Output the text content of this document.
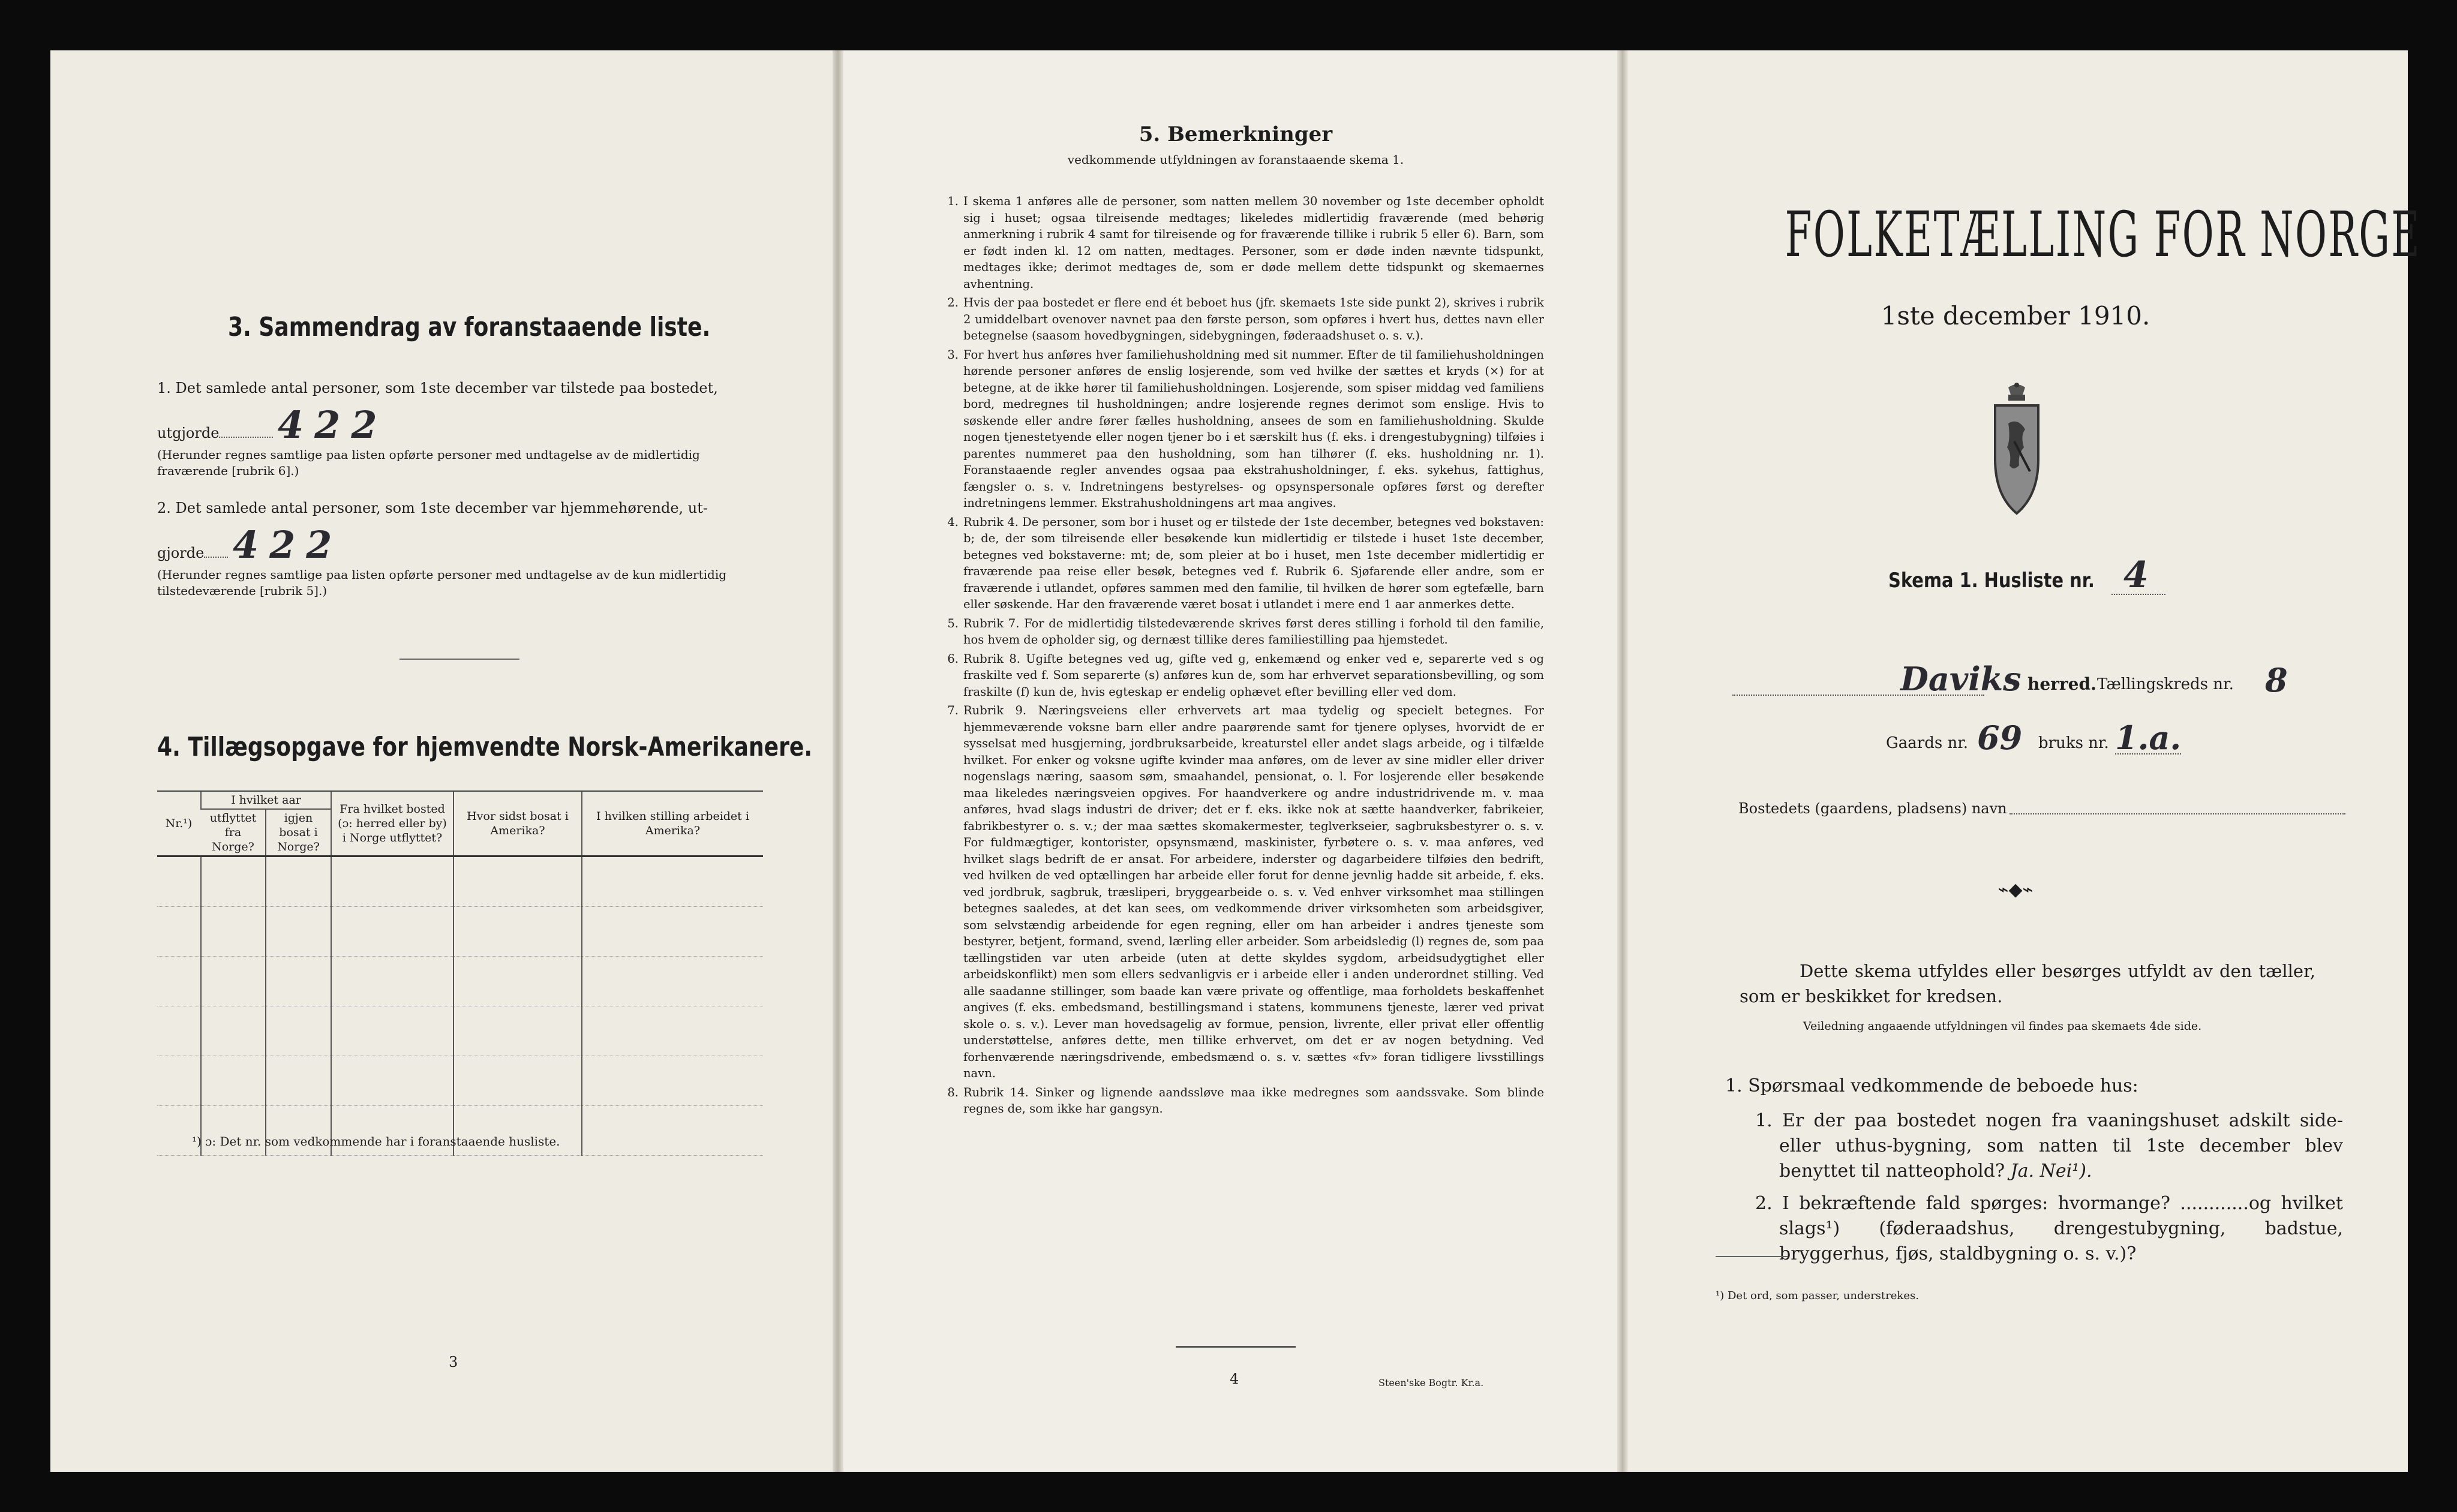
3. Sammendrag av foranstaaende liste.
1. Det samlede antal personer, som 1ste december var tilstede paa bostedet,
utgjorde 422
(Herunder regnes samtlige paa listen opførte personer med undtagelse av de midlertidig fraværende [rubrik 6].)
2. Det samlede antal personer, som 1ste december var hjemmehørende, ut-
gjorde 422
(Herunder regnes samtlige paa listen opførte personer med undtagelse av de kun midlertidig tilstedeværende [rubrik 5].)
4. Tillægsopgave for hjemvendte Norsk-Amerikanere.
Nr.¹)	I hvilket aar		Fra hvilket bosted (ɔ: herred eller by) i Norge utflyttet?	Hvor sidst bosat i Amerika?	I hvilken stilling arbeidet i Amerika?
	utflyttet fra Norge?	igjen bosat i Norge?			

¹) ɔ: Det nr. som vedkommende har i foranstaaende husliste.
3
5. Bemerkninger
vedkommende utfyldningen av foranstaaende skema 1.
1. I skema 1 anføres alle de personer, som natten mellem 30 november og 1ste december opholdt sig i huset; ogsaa tilreisende medtages; likeledes midlertidig fraværende (med behørig anmerkning i rubrik 4 samt for tilreisende og for fraværende tillike i rubrik 5 eller 6). Barn, som er født inden kl. 12 om natten, medtages. Personer, som er døde inden nævnte tidspunkt, medtages ikke; derimot medtages de, som er døde mellem dette tidspunkt og skemaernes avhentning.
2. Hvis der paa bostedet er flere end ét beboet hus (jfr. skemaets 1ste side punkt 2), skrives i rubrik 2 umiddelbart ovenover navnet paa den første person, som opføres i hvert hus, dettes navn eller betegnelse (saasom hovedbygningen, sidebygningen, føderaadshuset o. s. v.).
3. For hvert hus anføres hver familiehusholdning med sit nummer. Efter de til familiehusholdningen hørende personer anføres de enslig losjerende, som ved hvilke der sættes et kryds (×) for at betegne, at de ikke hører til familiehusholdningen. Losjerende, som spiser middag ved familiens bord, medregnes til husholdningen; andre losjerende regnes derimot som enslige. Hvis to søskende eller andre fører fælles husholdning, ansees de som en familiehusholdning. Skulde nogen tjenestetyende eller nogen tjener bo i et særskilt hus (f. eks. i drengestubygning) tilføies i parentes nummeret paa den husholdning, som han tilhører (f. eks. husholdning nr. 1). Foranstaaende regler anvendes ogsaa paa ekstrahusholdninger, f. eks. sykehus, fattighus, fængsler o. s. v. Indretningens bestyrelses- og opsynspersonale opføres først og derefter indretningens lemmer. Ekstrahusholdningens art maa angives.
4. Rubrik 4. De personer, som bor i huset og er tilstede der 1ste december, betegnes ved bokstaven: b; de, der som tilreisende eller besøkende kun midlertidig er tilstede i huset 1ste december, betegnes ved bokstaverne: mt; de, som pleier at bo i huset, men 1ste december midlertidig er fraværende paa reise eller besøk, betegnes ved f. Rubrik 6. Sjøfarende eller andre, som er fraværende i utlandet, opføres sammen med den familie, til hvilken de hører som egtefælle, barn eller søskende. Har den fraværende været bosat i utlandet i mere end 1 aar anmerkes dette.
5. Rubrik 7. For de midlertidig tilstedeværende skrives først deres stilling i forhold til den familie, hos hvem de opholder sig, og dernæst tillike deres familiestilling paa hjemstedet.
6. Rubrik 8. Ugifte betegnes ved ug, gifte ved g, enkemænd og enker ved e, separerte ved s og fraskilte ved f. Som separerte (s) anføres kun de, som har erhvervet separationsbevilling, og som fraskilte (f) kun de, hvis egteskap er endelig ophævet efter bevilling eller ved dom.
7. Rubrik 9. Næringsveiens eller erhvervets art maa tydelig og specielt betegnes. For hjemmeværende voksne barn eller andre paarørende samt for tjenere oplyses, hvorvidt de er sysselsat med husgjerning, jordbruksarbeide, kreaturstel eller andet slags arbeide, og i tilfælde hvilket. For enker og voksne ugifte kvinder maa anføres, om de lever av sine midler eller driver nogenslags næring, saasom søm, smaahandel, pensionat, o. l. For losjerende eller besøkende maa likeledes næringsveien opgives. For haandverkere og andre industridrivende m. v. maa anføres, hvad slags industri de driver; det er f. eks. ikke nok at sætte haandverker, fabrikeier, fabrikbestyrer o. s. v.; der maa sættes skomakermester, teglverkseier, sagbruksbestyrer o. s. v. For fuldmægtiger, kontorister, opsynsmænd, maskinister, fyrbøtere o. s. v. maa anføres, ved hvilket slags bedrift de er ansat. For arbeidere, inderster og dagarbeidere tilføies den bedrift, ved hvilken de ved optællingen har arbeide eller forut for denne jevnlig hadde sit arbeide, f. eks. ved jordbruk, sagbruk, træsliperi, bryggearbeide o. s. v. Ved enhver virksomhet maa stillingen betegnes saaledes, at det kan sees, om vedkommende driver virksomheten som arbeidsgiver, som selvstændig arbeidende for egen regning, eller om han arbeider i andres tjeneste som bestyrer, betjent, formand, svend, lærling eller arbeider. Som arbeidsledig (l) regnes de, som paa tællingstiden var uten arbeide (uten at dette skyldes sygdom, arbeidsudygtighet eller arbeidskonflikt) men som ellers sedvanligvis er i arbeide eller i anden underordnet stilling. Ved alle saadanne stillinger, som baade kan være private og offentlige, maa forholdets beskaffenhet angives (f. eks. embedsmand, bestillingsmand i statens, kommunens tjeneste, lærer ved privat skole o. s. v.). Lever man hovedsagelig av formue, pension, livrente, eller privat eller offentlig understøttelse, anføres dette, men tillike erhvervet, om det er av nogen betydning. Ved forhenværende næringsdrivende, embedsmænd o. s. v. sættes «fv» foran tidligere livsstillings navn.
8. Rubrik 14. Sinker og lignende aandssløve maa ikke medregnes som aandssvake. Som blinde regnes de, som ikke har gangsyn.
4	Steen'ske Bogtr. Kr.a.
FOLKETÆLLING FOR NORGE
1ste december 1910.
Skema 1. Husliste nr. 4
Daviks herred. Tællingskreds nr. 8
Gaards nr. 69 bruks nr. 1.a.
Bostedets (gaardens, pladsens) navn
⌁◆⌁
Dette skema utfyldes eller besørges utfyldt av den tæller, som er beskikket for kredsen.
Veiledning angaaende utfyldningen vil findes paa skemaets 4de side.
1. Spørsmaal vedkommende de beboede hus:
1. Er der paa bostedet nogen fra vaaningshuset adskilt side- eller uthus-bygning, som natten til 1ste december blev benyttet til natteophold? Ja. Nei¹).
2. I bekræftende fald spørges: hvormange? ............og hvilket slags¹) (føderaadshus, drengestubygning, badstue, bryggerhus, fjøs, staldbygning o. s. v.)?
¹) Det ord, som passer, understrekes.
